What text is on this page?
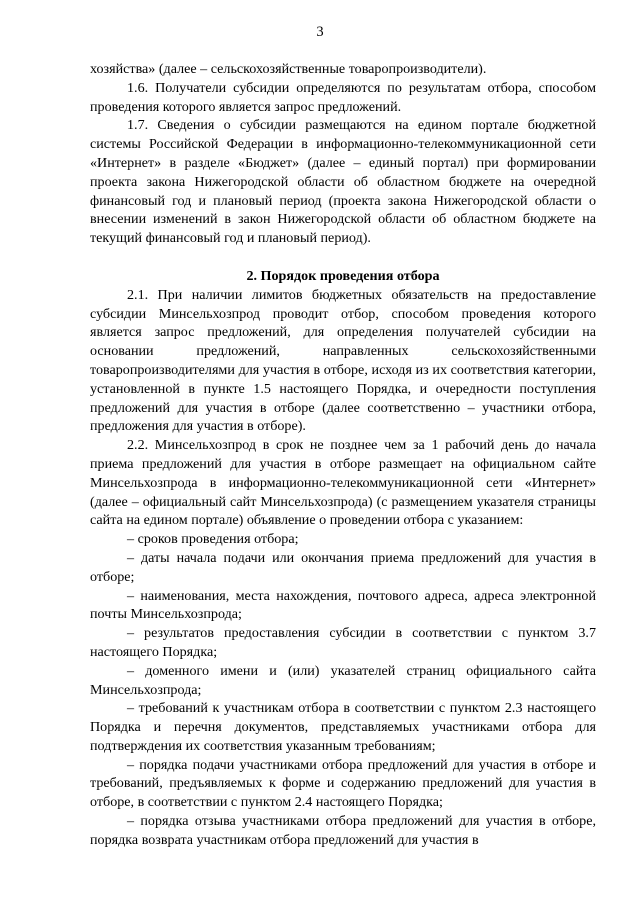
3

хозяйства» (далее – сельскохозяйственные товаропроизводители).

1.6. Получатели субсидии определяются по результатам отбора, способом проведения которого является запрос предложений.

1.7. Сведения о субсидии размещаются на едином портале бюджетной системы Российской Федерации в информационно-телекоммуникационной сети «Интернет» в разделе «Бюджет» (далее – единый портал) при формировании проекта закона Нижегородской области об областном бюджете на очередной финансовый год и плановый период (проекта закона Нижегородской области о внесении изменений в закон Нижегородской области об областном бюджете на текущий финансовый год и плановый период).

2. Порядок проведения отбора

2.1. При наличии лимитов бюджетных обязательств на предоставление субсидии Минсельхозпрод проводит отбор, способом проведения которого является запрос предложений, для определения получателей субсидии на основании предложений, направленных сельскохозяйственными товаропроизводителями для участия в отборе, исходя из их соответствия категории, установленной в пункте 1.5 настоящего Порядка, и очередности поступления предложений для участия в отборе (далее соответственно – участники отбора, предложения для участия в отборе).

2.2. Минсельхозпрод в срок не позднее чем за 1 рабочий день до начала приема предложений для участия в отборе размещает на официальном сайте Минсельхозпрода в информационно-телекоммуникационной сети «Интернет» (далее – официальный сайт Минсельхозпрода) (с размещением указателя страницы сайта на едином портале) объявление о проведении отбора с указанием:

– сроков проведения отбора;

– даты начала подачи или окончания приема предложений для участия в отборе;

– наименования, места нахождения, почтового адреса, адреса электронной почты Минсельхозпрода;

– результатов предоставления субсидии в соответствии с пунктом 3.7 настоящего Порядка;

– доменного имени и (или) указателей страниц официального сайта Минсельхозпрода;

– требований к участникам отбора в соответствии с пунктом 2.3 настоящего Порядка и перечня документов, представляемых участниками отбора для подтверждения их соответствия указанным требованиям;

– порядка подачи участниками отбора предложений для участия в отборе и требований, предъявляемых к форме и содержанию предложений для участия в отборе, в соответствии с пунктом 2.4 настоящего Порядка;

– порядка отзыва участниками отбора предложений для участия в отборе, порядка возврата участникам отбора предложений для участия в
